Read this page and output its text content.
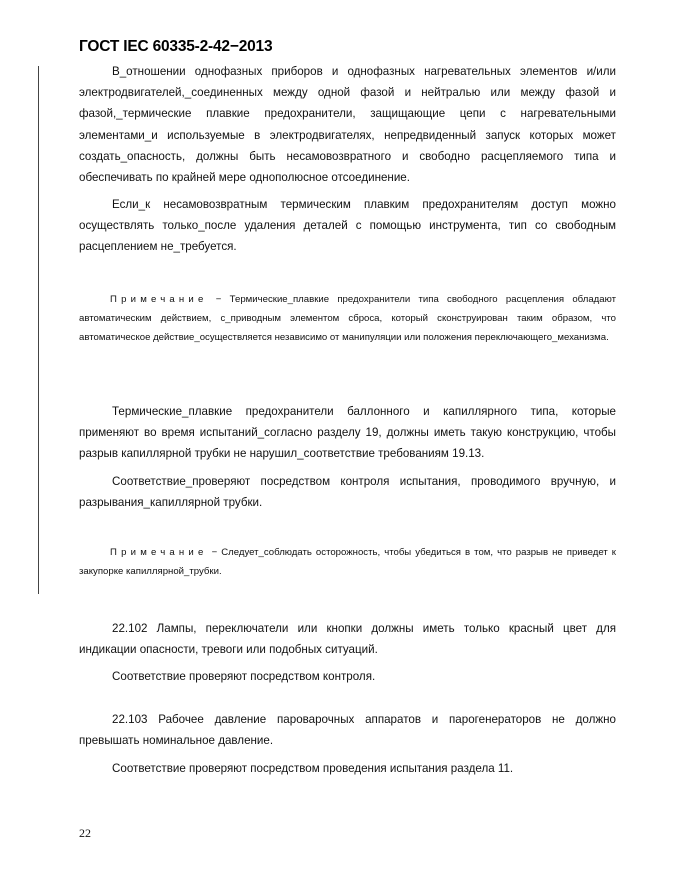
ГОСТ IEC 60335-2-42−2013

В_отношении однофазных приборов и однофазных нагревательных элементов и/или электродвигателей,_соединенных между одной фазой и нейтралью или между фазой и фазой,_термические плавкие предохранители, защищающие цепи с нагревательными элементами_и используемые в электродвигателях, непредвиденный запуск которых может создать_опасность, должны быть несамовозвратного и свободно расцепляемого типа и обеспечивать по крайней мере однополюсное отсоединение.

Если_к несамовозвратным термическим плавким предохранителям доступ можно осуществлять только_после удаления деталей с помощью инструмента, тип со свободным расцеплением не_требуется.

Примечание − Термические_плавкие предохранители типа свободного расцепления обладают автоматическим действием, с_приводным элементом сброса, который сконструирован таким образом, что автоматическое действие_осуществляется независимо от манипуляции или положения переключающего_механизма.

Термические_плавкие предохранители баллонного и капиллярного типа, которые применяют во время испытаний_согласно разделу 19, должны иметь такую конструкцию, чтобы разрыв капиллярной трубки не нарушил_соответствие требованиям 19.13.

Соответствие_проверяют посредством контроля испытания, проводимого вручную, и разрывания_капиллярной трубки.

Примечание − Следует_соблюдать осторожность, чтобы убедиться в том, что разрыв не приведет к закупорке капиллярной_трубки.

22.102 Лампы, переключатели или кнопки должны иметь только красный цвет для индикации опасности, тревоги или подобных ситуаций.

Соответствие проверяют посредством контроля.

22.103 Рабочее давление пароварочных аппаратов и парогенераторов не должно превышать номинальное давление.

Соответствие проверяют посредством проведения испытания раздела 11.

22
